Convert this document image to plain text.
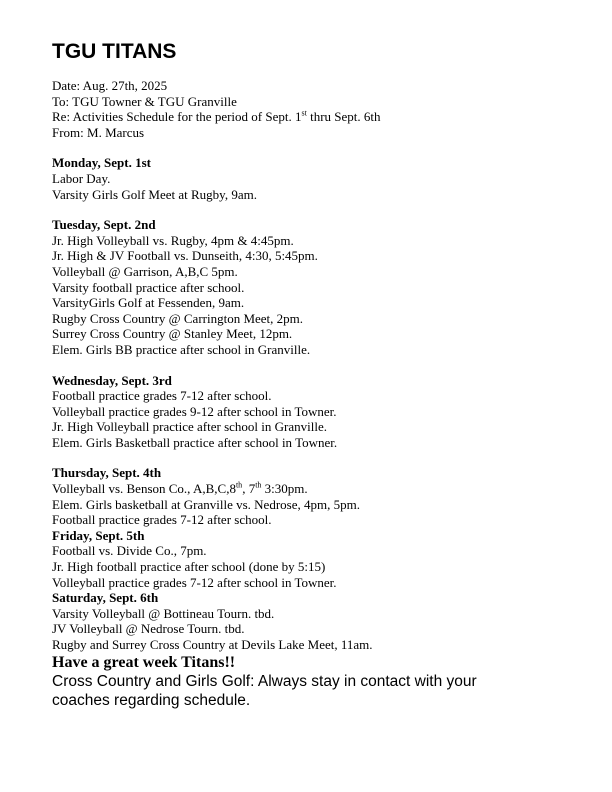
TGU TITANS

Date: Aug. 27th, 2025

To: TGU Towner & TGU Granville

Re: Activities Schedule for the period of Sept. 1st thru Sept. 6th

From: M. Marcus

Monday, Sept. 1st

Labor Day.

Varsity Girls Golf Meet at Rugby, 9am.

Tuesday, Sept. 2nd

Jr. High Volleyball vs. Rugby, 4pm & 4:45pm.

Jr. High & JV Football vs. Dunseith, 4:30, 5:45pm.

Volleyball @ Garrison, A,B,C 5pm.

Varsity football practice after school.

VarsityGirls Golf at Fessenden, 9am.

Rugby Cross Country @ Carrington Meet, 2pm.

Surrey Cross Country @ Stanley Meet, 12pm.

Elem. Girls BB practice after school in Granville.

Wednesday, Sept. 3rd

Football practice grades 7-12 after school.

Volleyball practice grades 9-12 after school in Towner.

Jr. High Volleyball practice after school in Granville.

Elem. Girls Basketball practice after school in Towner.

Thursday, Sept. 4th

Volleyball vs. Benson Co., A,B,C,8th, 7th 3:30pm.

Elem. Girls basketball at Granville vs. Nedrose, 4pm, 5pm.

Football practice grades 7-12 after school.

Friday, Sept. 5th

Football vs. Divide Co., 7pm.

Jr. High football practice after school (done by 5:15)

Volleyball practice grades 7-12 after school in Towner.

Saturday, Sept. 6th

Varsity Volleyball @ Bottineau Tourn. tbd.

JV Volleyball @ Nedrose Tourn. tbd.

Rugby and Surrey Cross Country at Devils Lake Meet, 11am.

Have a great week Titans!!

Cross Country and Girls Golf: Always stay in contact with your coaches regarding schedule.
